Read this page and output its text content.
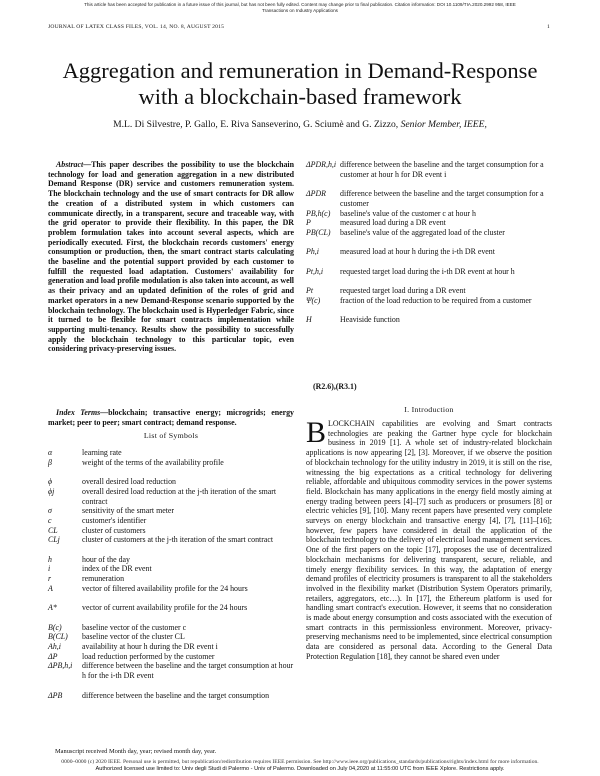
This article has been accepted for publication in a future issue of this journal, but has not been fully edited. Content may change prior to final publication. Citation information: DOI 10.1109/TIA.2020.2992 958, IEEE
Transactions on Industry Applications
JOURNAL OF LATEX CLASS FILES, VOL. 14, NO. 8, AUGUST 2015	1
Aggregation and remuneration in Demand-Response
with a blockchain-based framework
M.L. Di Silvestre, P. Gallo, E. Riva Sanseverino, G. Sciumè and G. Zizzo, Senior Member, IEEE,
Abstract—This paper describes the possibility to use the blockchain technology for load and generation aggregation in a new distributed Demand Response (DR) service and customers remuneration system. The blockchain technology and the use of smart contracts for DR allow the creation of a distributed system in which customers can communicate directly, in a transparent, secure and traceable way, with the grid operator to provide their flexibility. In this paper, the DR problem formulation takes into account several aspects, which are periodically executed. First, the blockchain records customers' energy consumption or production, then, the smart contract starts calculating the baseline and the potential support provided by each customer to fulfill the requested load adaptation. Customers' availability for generation and load profile modulation is also taken into account, as well as their privacy and an updated definition of the roles of grid and market operators in a new Demand-Response scenario supported by the blockchain technology. The blockchain used is Hyperledger Fabric, since it turned to be flexible for smart contracts implementation while supporting multi-tenancy. Results show the possibility to successfully apply the blockchain technology to this particular topic, even considering privacy-preserving issues.
Index Terms—blockchain; transactive energy; microgrids; energy market; peer to peer; smart contract; demand response.
List of Symbols
α	learning rate
β	weight of the terms of the availability profile
ϕ	overall desired load reduction
ϕj	overall desired load reduction at the j-th iteration of the smart contract
σ	sensitivity of the smart meter
c	customer's identifier
CL	cluster of customers
CLj	cluster of customers at the j-th iteration of the smart contract
h	hour of the day
i	index of the DR event
r	remuneration
A	vector of filtered availability profile for the 24 hours
A*	vector of current availability profile for the 24 hours
B(c)	baseline vector of the customer c
B(CL)	baseline vector of the cluster CL
Ah,i	availability at hour h during the DR event i
ΔP	load reduction performed by the customer
ΔPB,h,i	difference between the baseline and the target consumption at hour h for the i-th DR event
ΔPB	difference between the baseline and the target consumption
Manuscript received Month day, year; revised month day, year.
ΔPDR,h,i difference between the baseline and the target consumption for a customer at hour h for DR event i
ΔPDR	difference between the baseline and the target consumption for a customer
PB,h(c)	baseline's value of the customer c at hour h
P	measured load during a DR event
PB(CL)	baseline's value of the aggregated load of the cluster
Ph,i	measured load at hour h during the i-th DR event
Pt,h,i	requested target load during the i-th DR event at hour h
Pt	requested target load during a DR event
Ψ(c)	fraction of the load reduction to be required from a customer
H	Heaviside function
(R2.6),(R3.1)
I. Introduction
BLOCKCHAIN capabilities are evolving and Smart contracts technologies are peaking the Gartner hype cycle for blockchain business in 2019 [1]. A whole set of industry-related blockchain applications is now appearing [2], [3]. Moreover, if we observe the position of blockchain technology for the utility industry in 2019, it is still on the rise, witnessing the big expectations as a critical technology for delivering reliable, affordable and ubiquitous commodity services in the power systems field. Blockchain has many applications in the energy field mostly aiming at energy trading between peers [4]–[7] such as producers or prosumers [8] or electric vehicles [9], [10]. Many recent papers have presented very complete surveys on energy blockchain and transactive energy [4], [7], [11]–[16]; however, few papers have considered in detail the application of the blockchain technology to the delivery of electrical load management services. One of the first papers on the topic [17], proposes the use of decentralized blockchain mechanisms for delivering transparent, secure, reliable, and timely energy flexibility services. In this way, the adaptation of energy demand profiles of electricity prosumers is transparent to all the stakeholders involved in the flexibility market (Distribution System Operators primarily, retailers, aggregators, etc…). In [17], the Ethereum platform is used for handling smart contract's execution. However, it seems that no consideration is made about energy consumption and costs associated with the execution of smart contracts in this permissionless environment. Moreover, privacy-preserving mechanisms need to be implemented, since electrical consumption data are considered as personal data. According to the General Data Protection Regulation [18], they cannot be shared even under
0000–0000 (c) 2020 IEEE. Personal use is permitted, but republication/redistribution requires IEEE permission. See http://www.ieee.org/publications_standards/publications/rights/index.html for more information.
Authorized licensed use limited to: Univ degli Studi di Palermo - Univ of Palermo. Downloaded on July 04,2020 at 11:55:00 UTC from IEEE Xplore. Restrictions apply.
